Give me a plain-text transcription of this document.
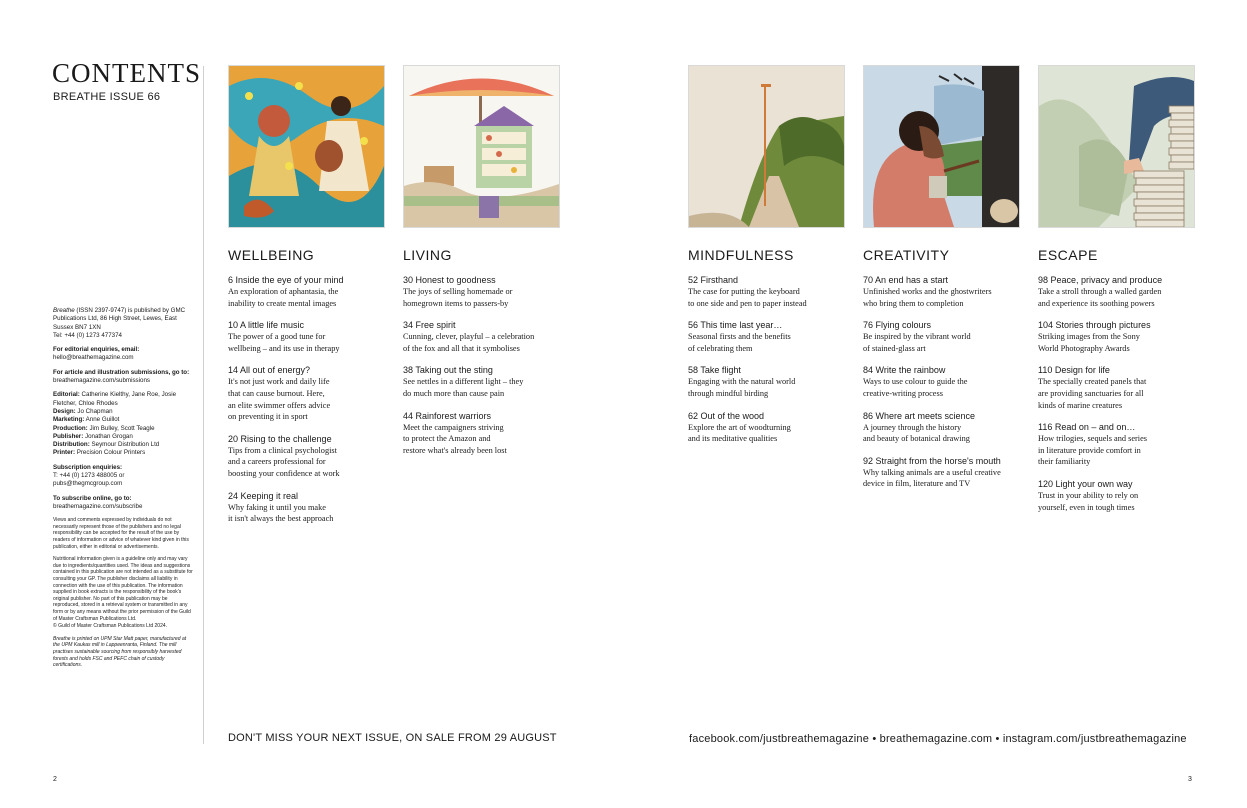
CONTENTS
BREATHE ISSUE 66

Breathe (ISSN 2397-9747) is published by GMC Publications Ltd, 86 High Street, Lewes, East Sussex BN7 1XN
Tel: +44 (0) 1273 477374

For editorial enquiries, email:
hello@breathemagazine.com

For article and illustration submissions, go to:
breathemagazine.com/submissions

Editorial: Catherine Kielthy, Jane Roe, Josie Fletcher, Chloe Rhodes
Design: Jo Chapman
Marketing: Anne Guillot
Production: Jim Bulley, Scott Teagle
Publisher: Jonathan Grogan
Distribution: Seymour Distribution Ltd
Printer: Precision Colour Printers

Subscription enquiries:
T: +44 (0) 1273 488005 or pubs@thegmcgroup.com

To subscribe online, go to:
breathemagazine.com/subscribe

Views and comments expressed by individuals do not necessarily represent those of the publishers and no legal responsibility can be accepted for the result of the use by readers of information or advice of whatever kind given in this publication, either in editorial or advertisements.

Nutritional information given is a guideline only and may vary due to ingredients/quantities used. The ideas and suggestions contained in this publication are not intended as a substitute for consulting your GP. The publisher disclaims all liability in connection with the use of this publication. The information supplied in book extracts is the responsibility of the book's original publisher. No part of this publication may be reproduced, stored in a retrieval system or transmitted in any form or by any means without the prior permission of the Guild of Master Craftsman Publications Ltd.

© Guild of Master Craftsman Publications Ltd 2024.

Breathe is printed on UPM Star Matt paper, manufactured at the UPM Kaukas mill in Lappeenranta, Finland. The mill practises sustainable sourcing from responsibly harvested forests and holds FSC and PEFC chain of custody certifications.

WELLBEING
6 Inside the eye of your mind
An exploration of aphantasia, the
inability to create mental images
10 A little life music
The power of a good tune for
wellbeing – and its use in therapy
14 All out of energy?
It's not just work and daily life
that can cause burnout. Here,
an elite swimmer offers advice
on preventing it in sport
20 Rising to the challenge
Tips from a clinical psychologist
and a careers professional for
boosting your confidence at work
24 Keeping it real
Why faking it until you make
it isn't always the best approach
LIVING
30 Honest to goodness
The joys of selling homemade or
homegrown items to passers-by
34 Free spirit
Cunning, clever, playful – a celebration
of the fox and all that it symbolises
38 Taking out the sting
See nettles in a different light – they
do much more than cause pain
44 Rainforest warriors
Meet the campaigners striving
to protect the Amazon and
restore what's already been lost
MINDFULNESS
52 Firsthand
The case for putting the keyboard
to one side and pen to paper instead
56 This time last year…
Seasonal firsts and the benefits
of celebrating them
58 Take flight
Engaging with the natural world
through mindful birding
62 Out of the wood
Explore the art of woodturning
and its meditative qualities
CREATIVITY
70 An end has a start
Unfinished works and the ghostwriters
who bring them to completion
76 Flying colours
Be inspired by the vibrant world
of stained-glass art
84 Write the rainbow
Ways to use colour to guide the
creative-writing process
86 Where art meets science
A journey through the history
and beauty of botanical drawing
92 Straight from the horse's mouth
Why talking animals are a useful creative
device in film, literature and TV
ESCAPE
98 Peace, privacy and produce
Take a stroll through a walled garden
and experience its soothing powers
104 Stories through pictures
Striking images from the Sony
World Photography Awards
110 Design for life
The specially created panels that
are providing sanctuaries for all
kinds of marine creatures
116 Read on – and on…
How trilogies, sequels and series
in literature provide comfort in
their familiarity
120 Light your own way
Trust in your ability to rely on
yourself, even in tough times
DON'T MISS YOUR NEXT ISSUE, ON SALE FROM 29 AUGUST	facebook.com/justbreathemagazine • breathemagazine.com • instagram.com/justbreathemagazine
2	3
